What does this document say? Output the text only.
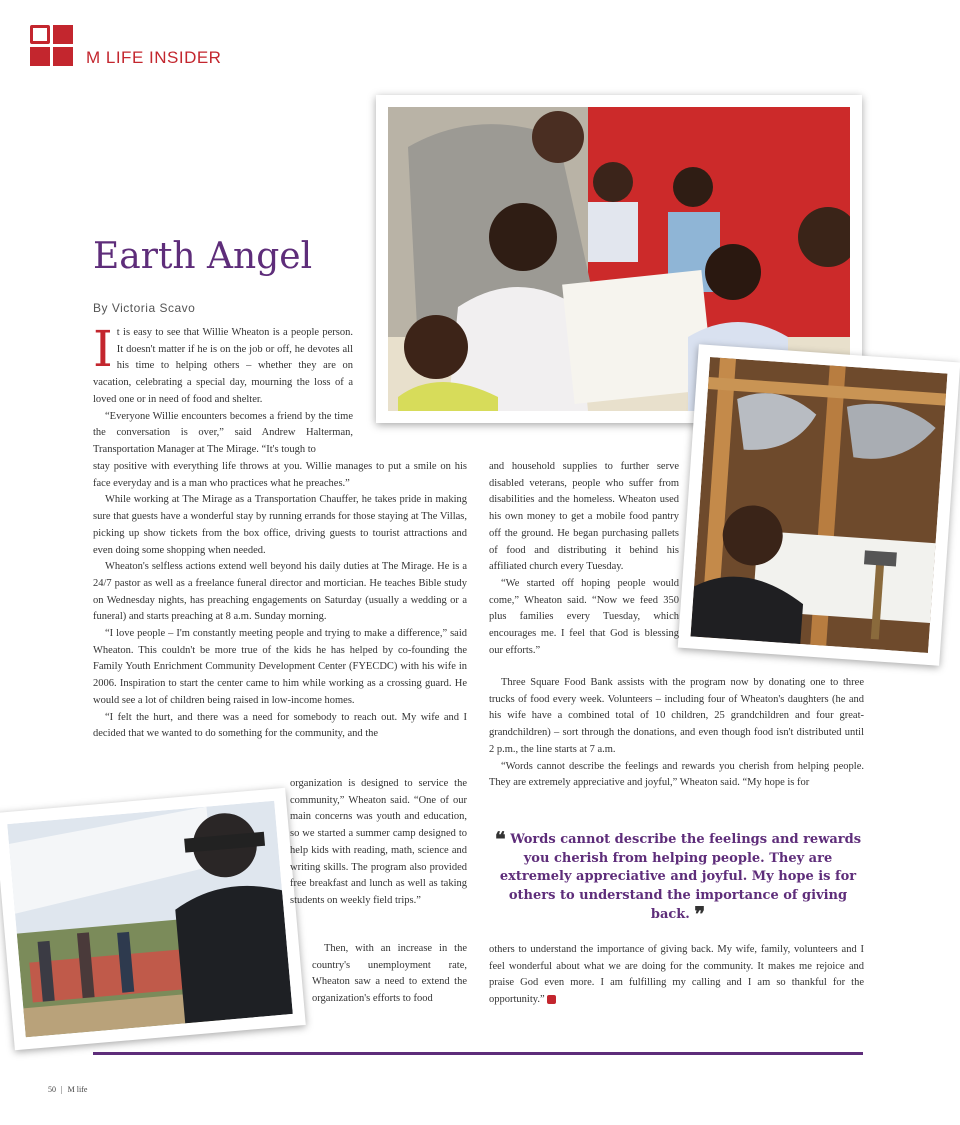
M LIFE INSIDER
Earth Angel
By Victoria Scavo

It is easy to see that Willie Wheaton is a people person. It doesn't matter if he is on the job or off, he devotes all his time to helping others – whether they are on vacation, celebrating a special day, mourning the loss of a loved one or in need of food and shelter.

“Everyone Willie encounters becomes a friend by the time the conversation is over,” said Andrew Halterman, Transportation Manager at The Mirage. “It's tough to

stay positive with everything life throws at you. Willie manages to put a smile on his face everyday and is a man who practices what he preaches.”

While working at The Mirage as a Transportation Chauffer, he takes pride in making sure that guests have a wonderful stay by running errands for those staying at The Villas, picking up show tickets from the box office, driving guests to tourist attractions and even doing some shopping when needed.

Wheaton's selfless actions extend well beyond his daily duties at The Mirage. He is a 24/7 pastor as well as a freelance funeral director and mortician. He teaches Bible study on Wednesday nights, has preaching engagements on Saturday (usually a wedding or a funeral) and starts preaching at 8 a.m. Sunday morning.

“I love people – I'm constantly meeting people and trying to make a difference,” said Wheaton. This couldn't be more true of the kids he has helped by co-founding the Family Youth Enrichment Community Development Center (FYECDC) with his wife in 2006. Inspiration to start the center came to him while working as a crossing guard. He would see a lot of children being raised in low-income homes.

“I felt the hurt, and there was a need for somebody to reach out. My wife and I decided that we wanted to do something for the community, and the

organization is designed to service the community,” Wheaton said. “One of our main concerns was youth and education, so we started a summer camp designed to help kids with reading, math, science and writing skills. The program also provided free breakfast and lunch as well as taking students on weekly field trips.”

Then, with an increase in the country's unemployment rate, Wheaton saw a need to extend the organization's efforts to food

and household supplies to further serve disabled veterans, people who suffer from disabilities and the homeless. Wheaton used his own money to get a mobile food pantry off the ground. He began purchasing pallets of food and distributing it behind his affiliated church every Tuesday.

“We started off hoping people would come,” Wheaton said. “Now we feed 350 plus families every Tuesday, which encourages me. I feel that God is blessing our efforts.”

Three Square Food Bank assists with the program now by donating one to three trucks of food every week. Volunteers – including four of Wheaton's daughters (he and his wife have a combined total of 10 children, 25 grandchildren and four great-grandchildren) – sort through the donations, and even though food isn't distributed until 2 p.m., the line starts at 7 a.m.

“Words cannot describe the feelings and rewards you cherish from helping people. They are extremely appreciative and joyful,” Wheaton said. “My hope is for

❝ Words cannot describe the feelings and rewards you cherish from helping people. They are extremely appreciative and joyful. My hope is for others to understand the importance of giving back. ❞

others to understand the importance of giving back. My wife, family, volunteers and I feel wonderful about what we are doing for the community. It makes me rejoice and praise God even more. I am fulfilling my calling and I am so thankful for the opportunity.”

50 | M life
